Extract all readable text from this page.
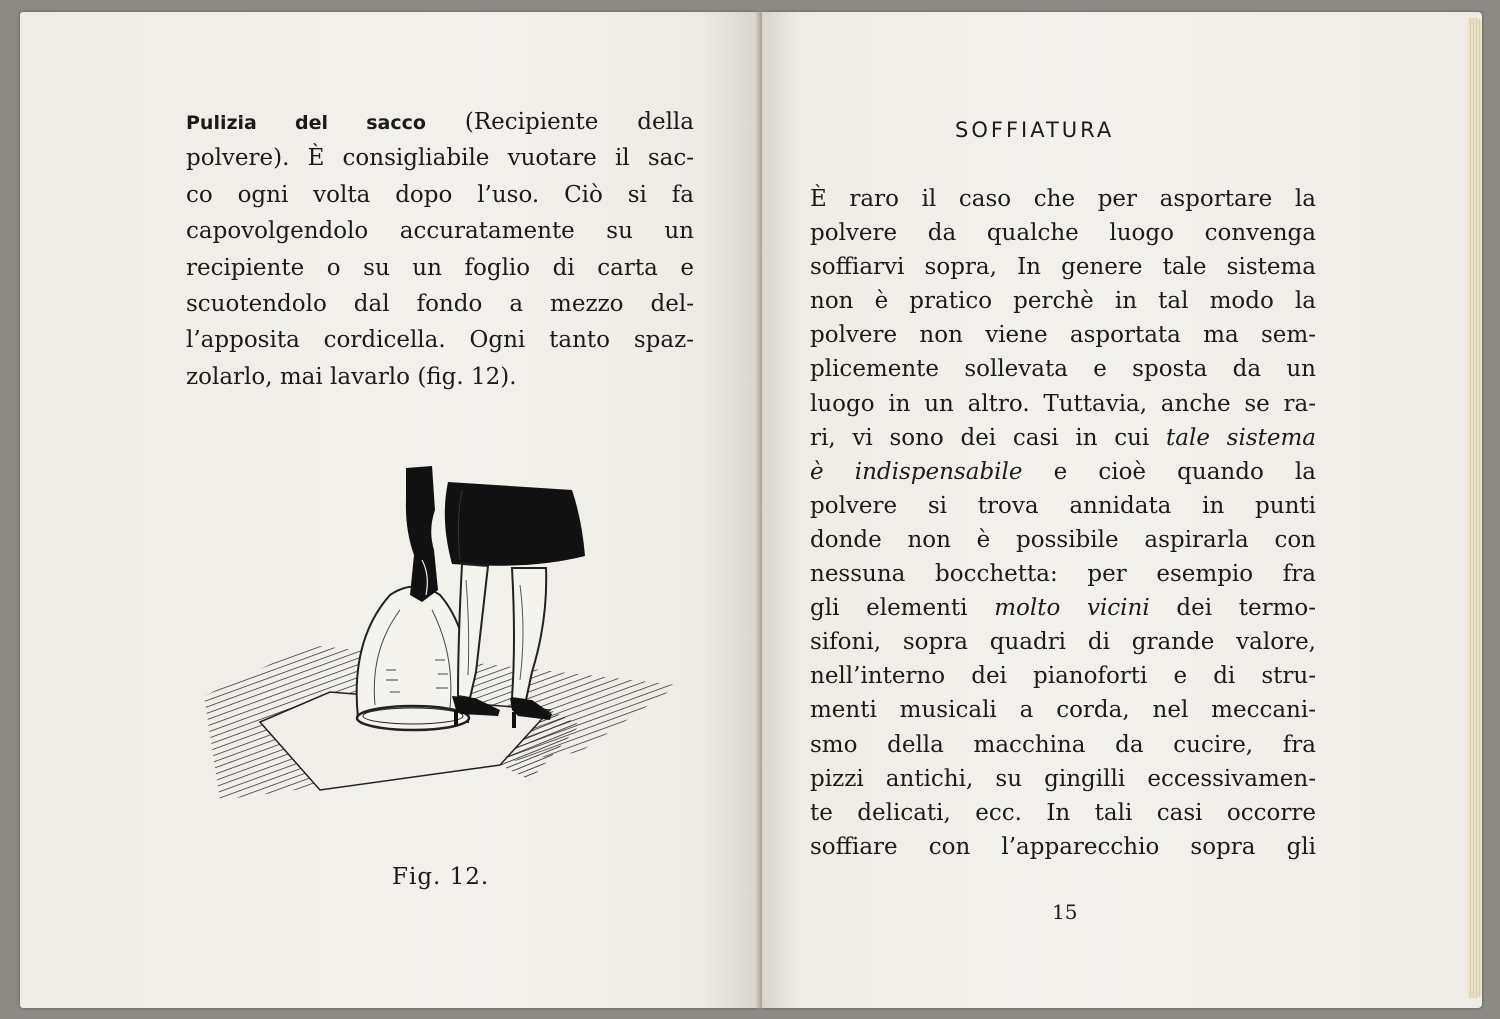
Pulizia del sacco (Recipiente della
polvere). È consigliabile vuotare il sac-
co ogni volta dopo l’uso. Ciò si fa
capovolgendolo accuratamente su un
recipiente o su un foglio di carta e
scuotendolo dal fondo a mezzo del-
l’apposita cordicella. Ogni tanto spaz-
zolarlo, mai lavarlo (fig. 12).
Fig. 12.
SOFFIATURA
È raro il caso che per asportare la
polvere da qualche luogo convenga
soffiarvi sopra, In genere tale sistema
non è pratico perchè in tal modo la
polvere non viene asportata ma sem-
plicemente sollevata e sposta da un
luogo in un altro. Tuttavia, anche se ra-
ri, vi sono dei casi in cui tale sistema
è indispensabile e cioè quando la
polvere si trova annidata in punti
donde non è possibile aspirarla con
nessuna bocchetta: per esempio fra
gli elementi molto vicini dei termo-
sifoni, sopra quadri di grande valore,
nell’interno dei pianoforti e di stru-
menti musicali a corda, nel meccani-
smo della macchina da cucire, fra
pizzi antichi, su gingilli eccessivamen-
te delicati, ecc. In tali casi occorre
soffiare con l’apparecchio sopra gli
15
